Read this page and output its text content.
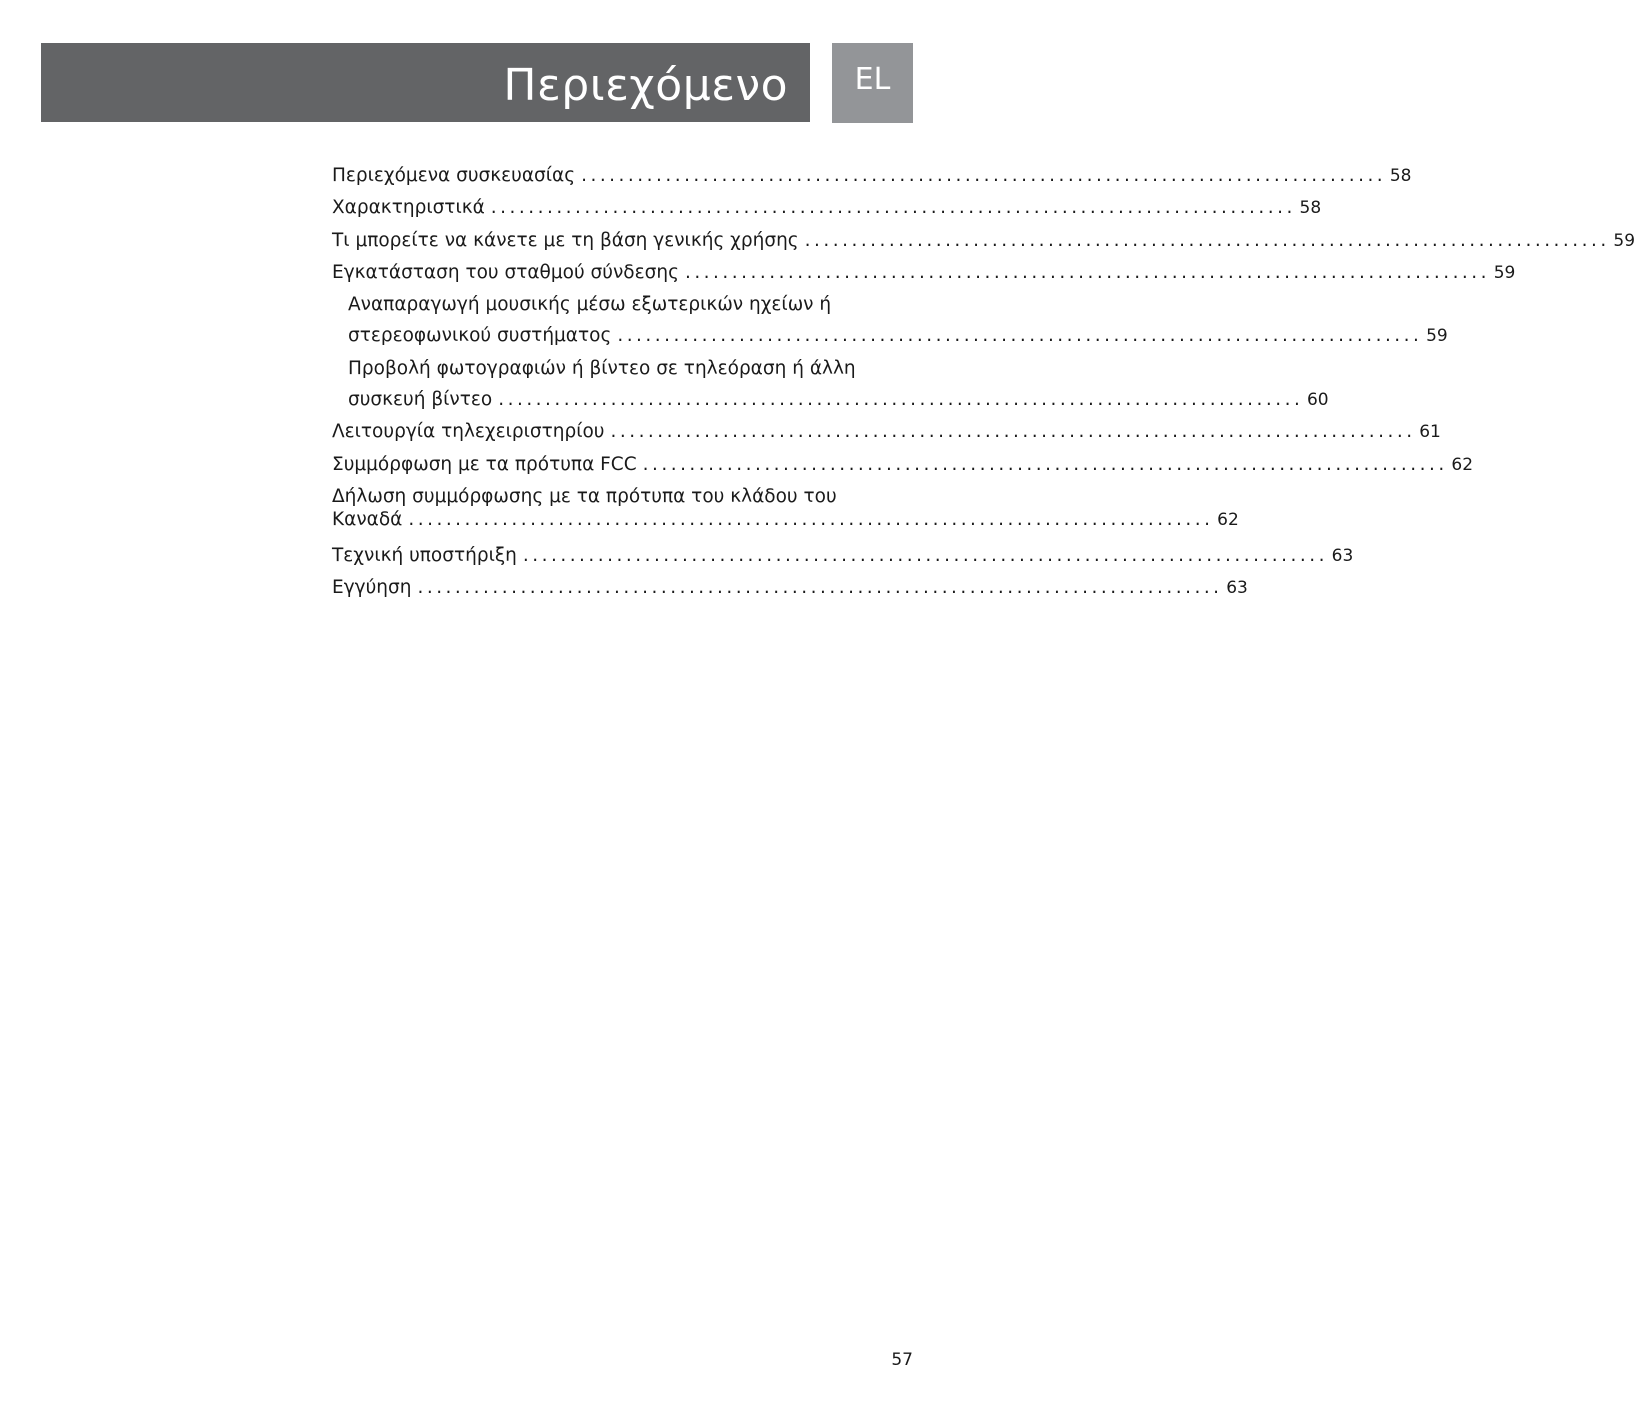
Περιεχόμενο EL
Περιεχόμενα συσκευασίας . . .	58
Χαρακτηριστικά . . .	58
Τι μπορείτε να κάνετε με τη βάση γενικής χρήσης . . .	59
Εγκατάσταση του σταθμού σύνδεσης . . .	59
Αναπαραγωγή μουσικής μέσω εξωτερικών ηχείων ή
στερεοφωνικού συστήματος . . .	59
Προβολή φωτογραφιών ή βίντεο σε τηλεόραση ή άλλη
συσκευή βίντεο . . .	60
Λειτουργία τηλεχειριστηρίου . . .	61
Συμμόρφωση με τα πρότυπα FCC . . .	62
Δήλωση συμμόρφωσης με τα πρότυπα του κλάδου του
Καναδά . . .	62
Τεχνική υποστήριξη . . .	63
Εγγύηση . . .	63
57
